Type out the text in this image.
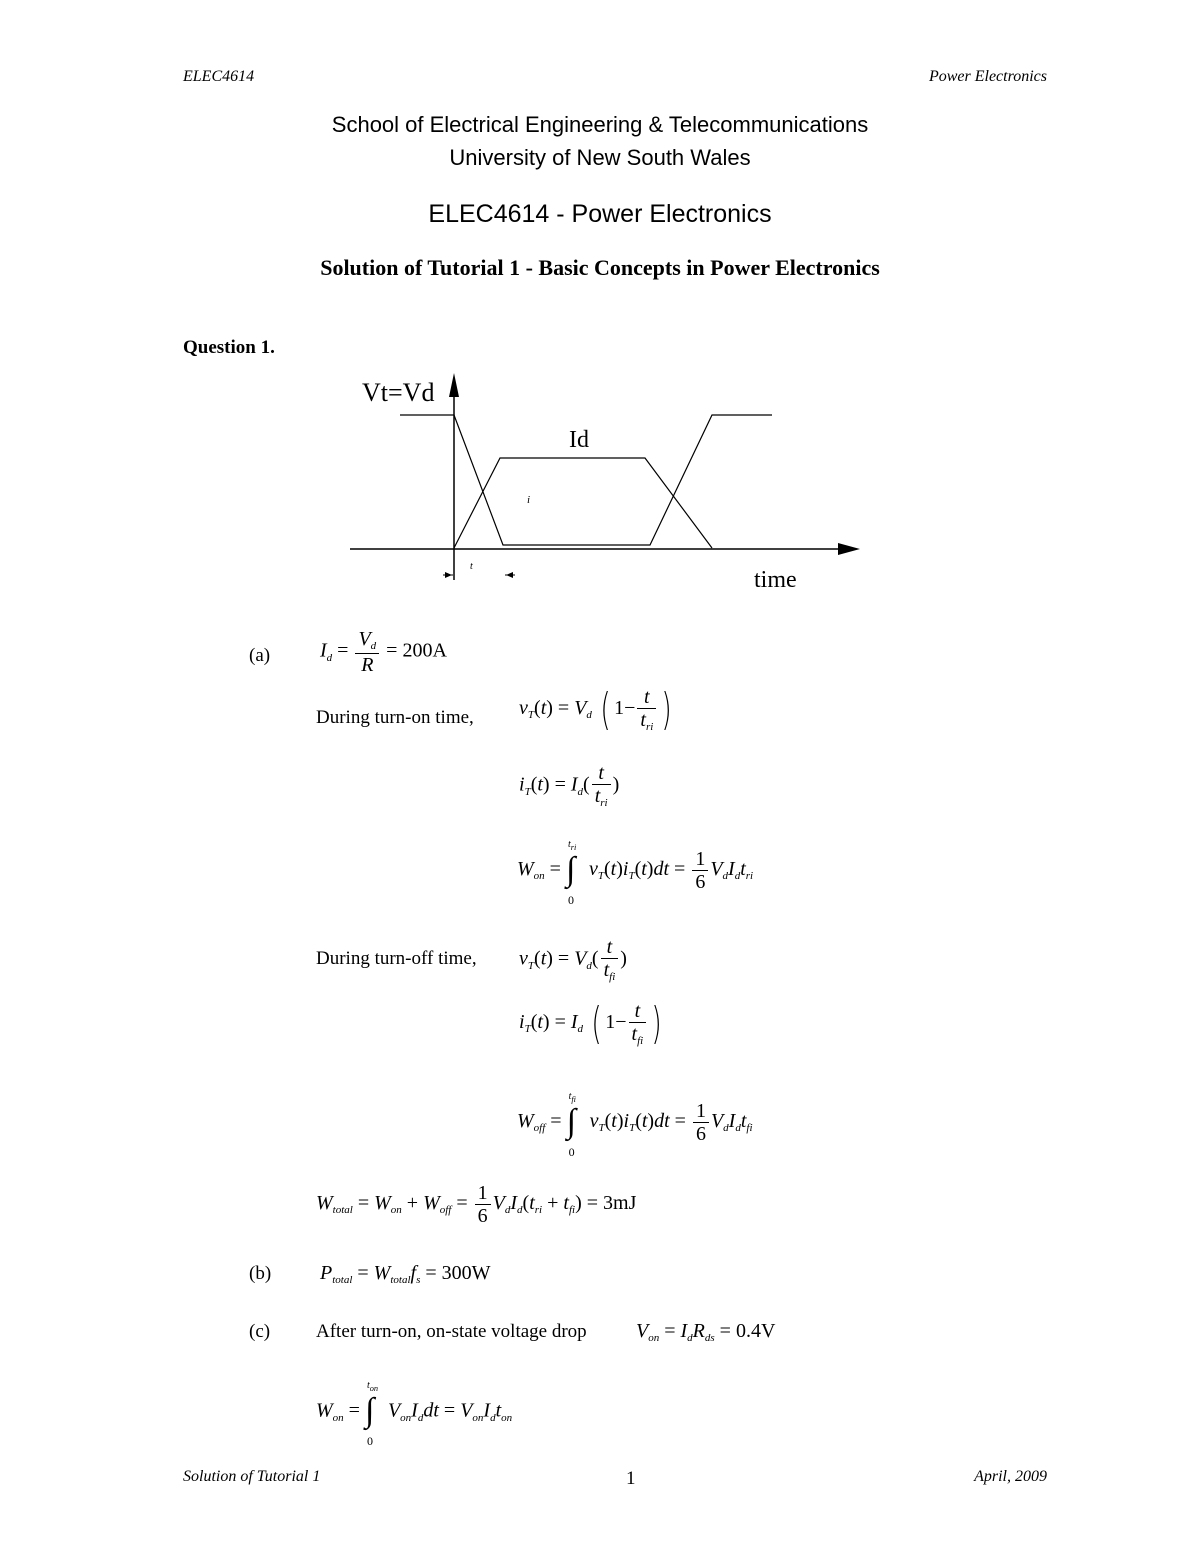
ELEC4614	Power Electronics
School of Electrical Engineering & Telecommunications
University of New South Wales
ELEC4614 - Power Electronics
Solution of Tutorial 1 - Basic Concepts in Power Electronics
Question 1.
Vt=Vd
Id
i
t
time
(a) $I_d = \frac{V_d}{R} = 200A$
During turn-on time, $v_T(t) = V_d$ ( $1- \frac{t}{t_{ri}}$ )
$i_T(t) = I_d( \frac{t}{t_{ri}}$ )
$W_{on}$ = ∫
$t_{ri}$
0
$v_T(t)i_T(t)dt = \frac{1}{6} V_dI_dt_{ri}$
During turn-off time, $v_T(t) = V_d( \frac{t}{t_{fi}}$ )
$i_T(t) = I_d$ ( $1- \frac{t}{t_{fi}}$ )
$W_{off}$ = ∫
$t_{fi}$
0
$v_T(t)i_T(t)dt = \frac{1}{6} V_dI_dt_{fi}$
$W_{total} = W_{on} + W_{off} = \frac{1}{6} V_dI_d(t_{ri} + t_{fi}) = 3mJ$
(b) $P_{total} = W_{total}f_s = 300W$
(c) After turn-on, on-state voltage drop $V_{on} = I_dR_{ds} = 0.4V$
$W_{on}$ = ∫
$t_{on}$
0
$V_{on}I_ddt = V_{on}I_dt_{on}$
Solution of Tutorial 1	1	April, 2009
